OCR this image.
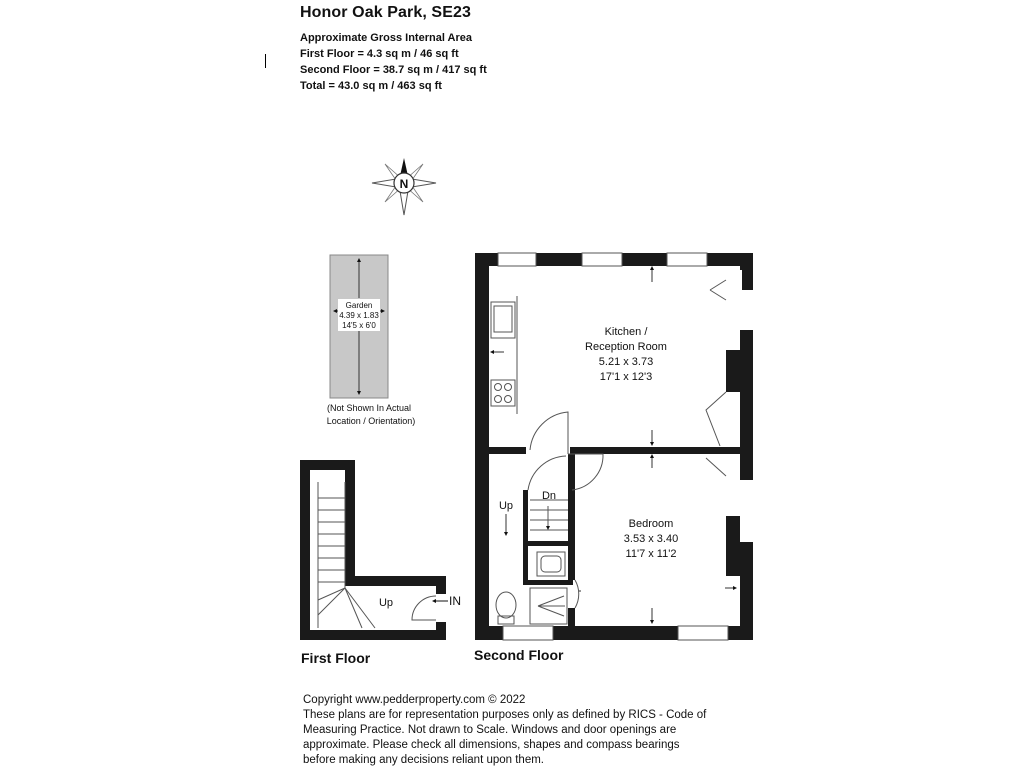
Honor Oak Park, SE23
Approximate Gross Internal Area
First Floor = 4.3 sq m / 46 sq ft
Second Floor = 38.7 sq m / 417 sq ft
Total = 43.0 sq m / 463 sq ft
N
Garden
4.39 x 1.83
14'5 x 6'0
(Not Shown In Actual
Location / Orientation)
Up	IN
Dn
Up
Kitchen /
Reception Room
5.21 x 3.73
17'1 x 12'3
Bedroom
3.53 x 3.40
11'7 x 11'2
First Floor	Second Floor
Copyright www.pedderproperty.com © 2022
These plans are for representation purposes only as defined by RICS - Code of
Measuring Practice. Not drawn to Scale. Windows and door openings are
approximate. Please check all dimensions, shapes and compass bearings
before making any decisions reliant upon them.
